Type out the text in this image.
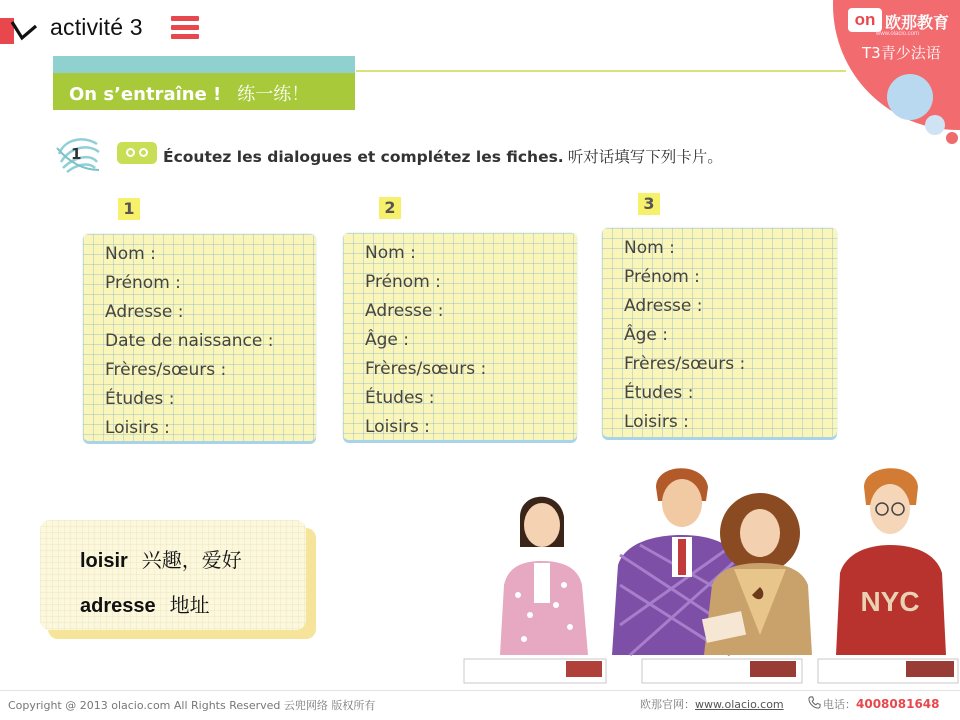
activité 3	on 欧那教育
www.olacio.com
T3青少法语
On s’entraîne ! 练一练！
1	Écoutez les dialogues et complétez les fiches. 听对话填写下列卡片。
1
Nom :
Prénom :
Adresse :
Date de naissance :
Frères/sœurs :
Études :
Loisirs :
2
Nom :
Prénom :
Adresse :
Âge :
Frères/sœurs :
Études :
Loisirs :
3
Nom :
Prénom :
Adresse :
Âge :
Frères/sœurs :
Études :
Loisirs :
loisir 兴趣，爱好
adresse 地址	NYC
Copyright @ 2013 olacio.com All Rights Reserved 云兜网络 版权所有	欧那官网：www.olacio.com	电话：4008081648
